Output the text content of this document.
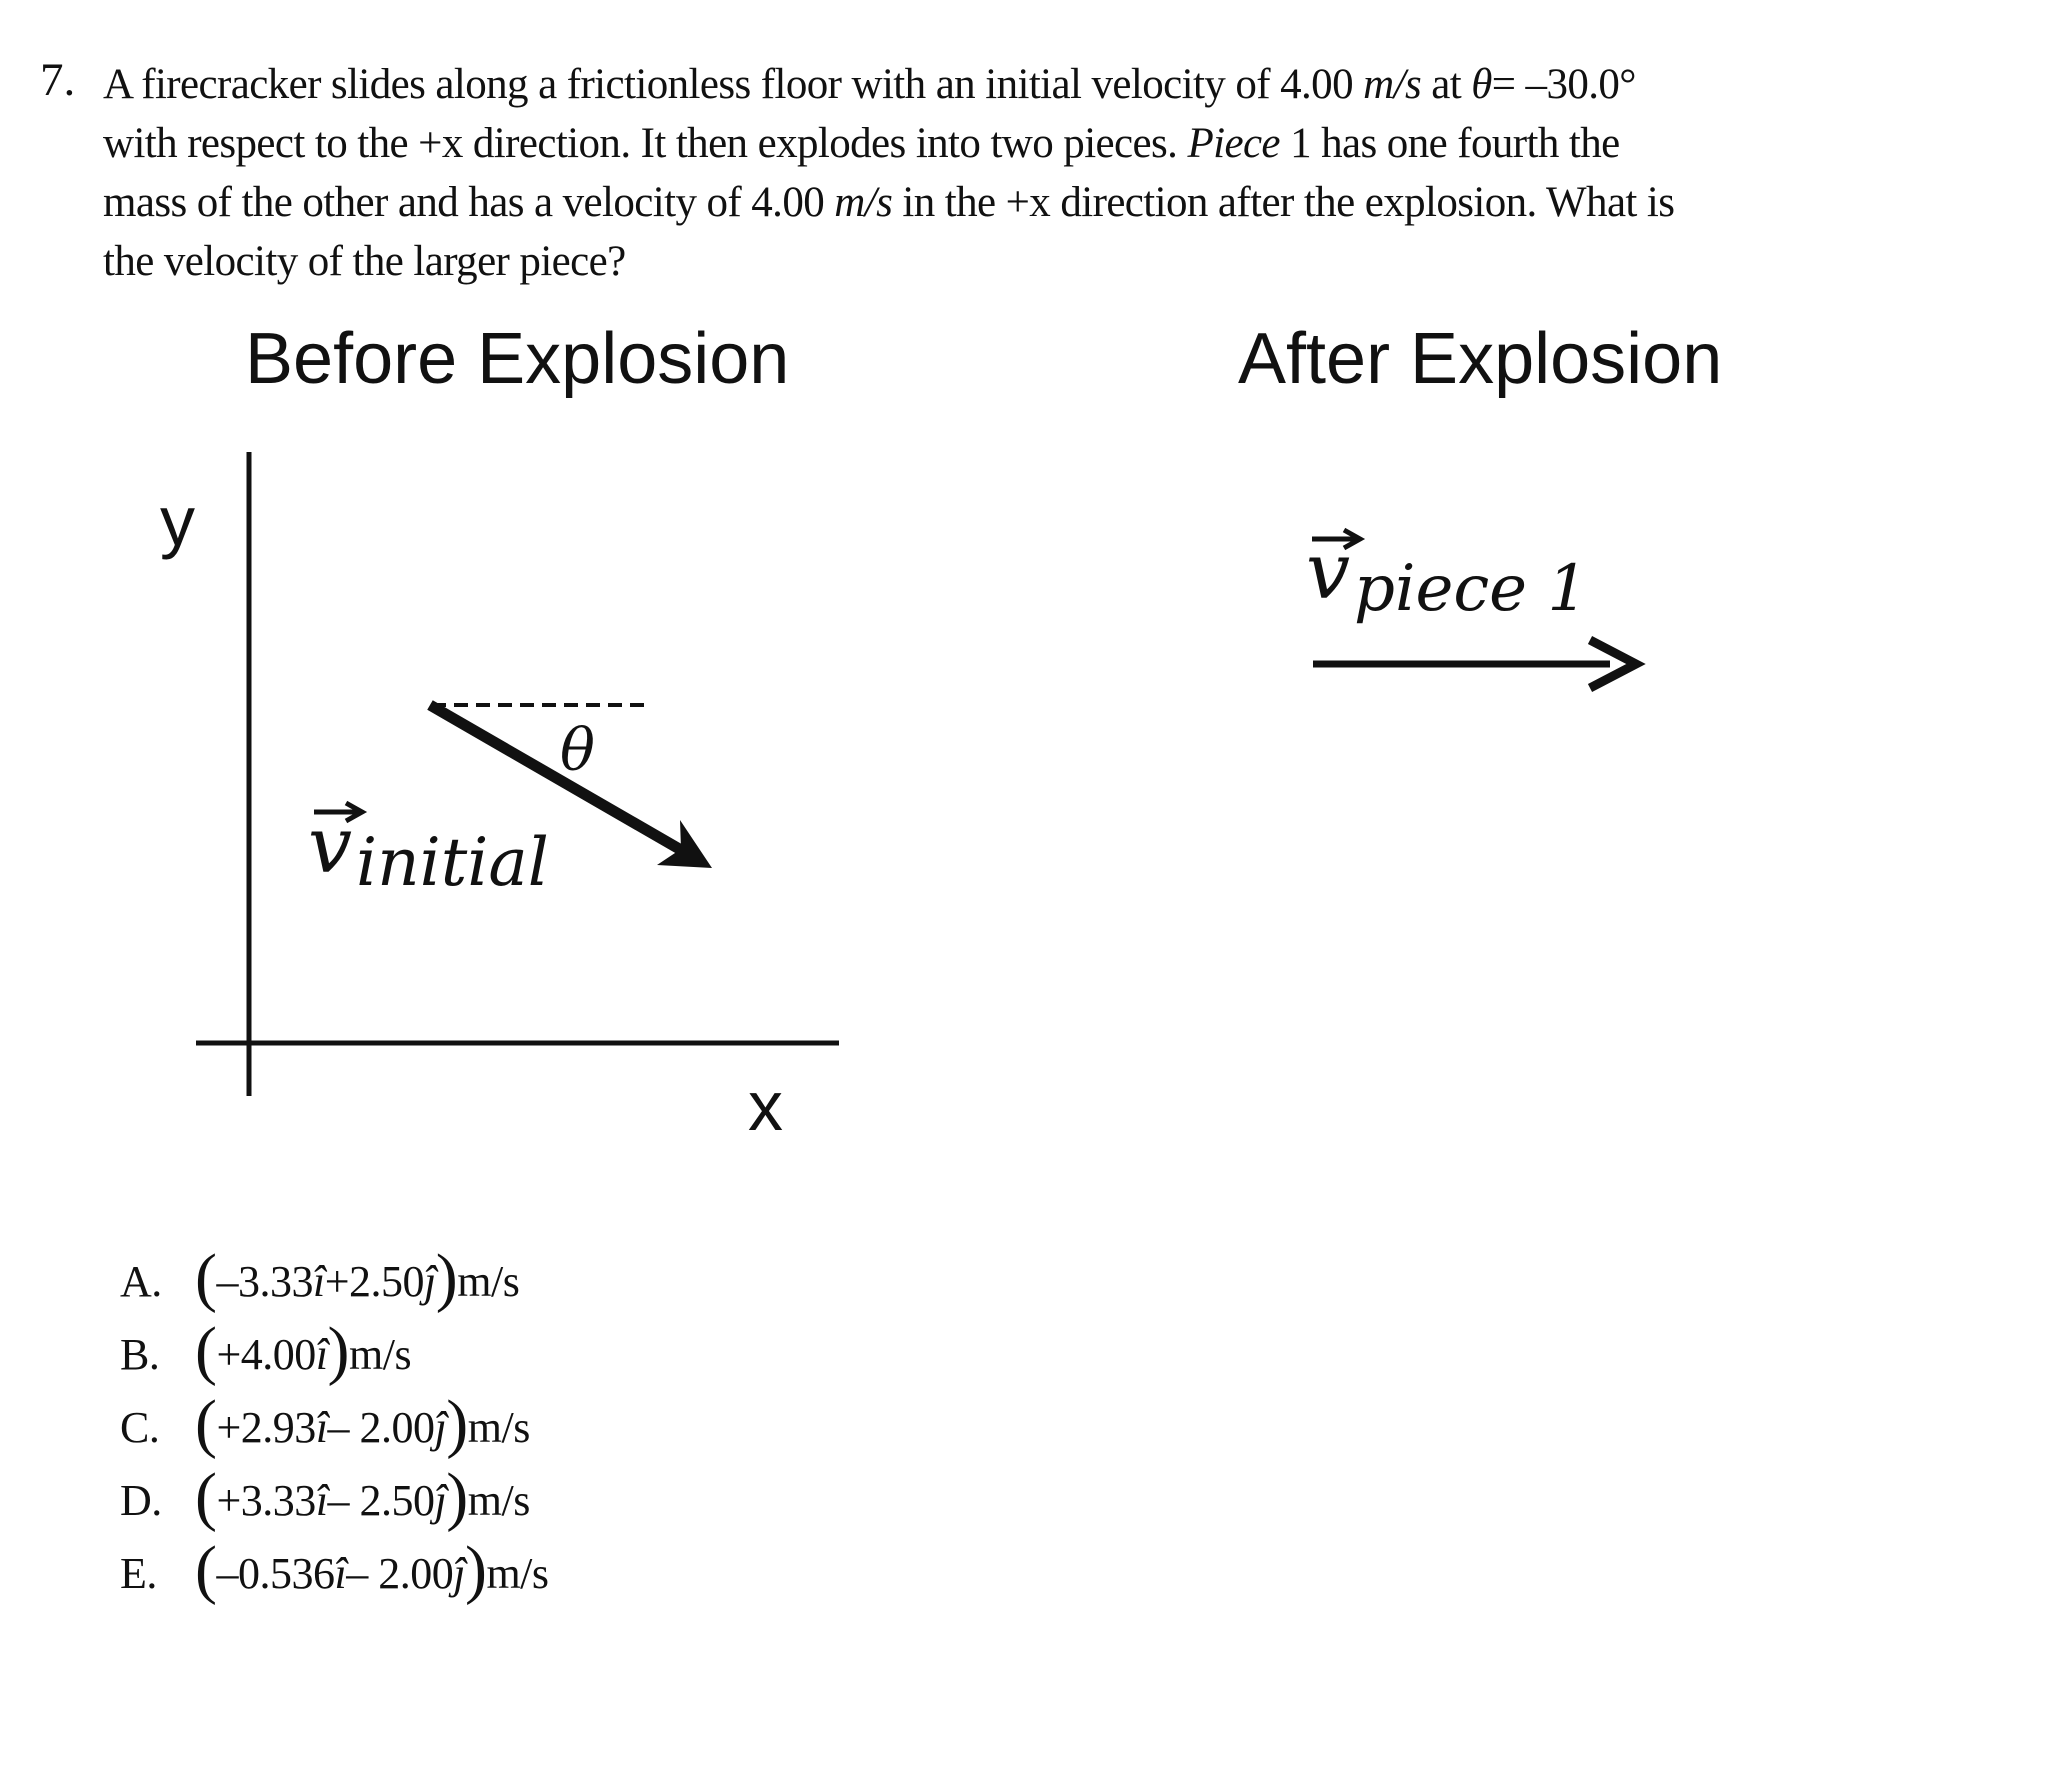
7. A firecracker slides along a frictionless floor with an initial velocity of 4.00 m/s at θ= –30.0°
with respect to the +x direction. It then explodes into two pieces. Piece 1 has one fourth the
mass of the other and has a velocity of 4.00 m/s in the +x direction after the explosion. What is
the velocity of the larger piece?
Before Explosion	After Explosion
y
x
θ
v initial
v piece 1
A. ( –3.33 î +2.50 ĵ ) m/s
B. ( +4.00 î ) m/s
C. ( +2.93 î – 2.00 ĵ ) m/s
D. ( +3.33 î – 2.50 ĵ ) m/s
E. ( –0.536 î – 2.00 ĵ ) m/s
